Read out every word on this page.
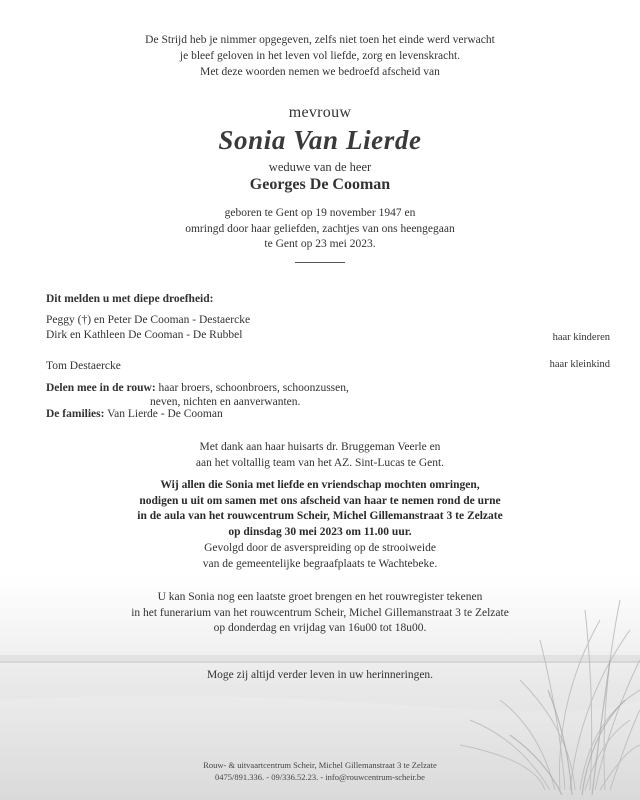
De Strijd heb je nimmer opgegeven, zelfs niet toen het einde werd verwacht
je bleef geloven in het leven vol liefde, zorg en levenskracht.
Met deze woorden nemen we bedroefd afscheid van
mevrouw
Sonia Van Lierde
weduwe van de heer
Georges De Cooman
geboren te Gent op 19 november 1947 en
omringd door haar geliefden, zachtjes van ons heengegaan
te Gent op 23 mei 2023.
Dit melden u met diepe droefheid:
Peggy (†) en Peter De Cooman - Destaercke
Dirk en Kathleen De Cooman - De Rubbel	haar kinderen
Tom Destaercke	haar kleinkind
Delen mee in de rouw: haar broers, schoonbroers, schoonzussen,
neven, nichten en aanverwanten.
De families: Van Lierde - De Cooman
Met dank aan haar huisarts dr. Bruggeman Veerle en
aan het voltallig team van het AZ. Sint-Lucas te Gent.
Wij allen die Sonia met liefde en vriendschap mochten omringen,
nodigen u uit om samen met ons afscheid van haar te nemen rond de urne
in de aula van het rouwcentrum Scheir, Michel Gillemanstraat 3 te Zelzate
op dinsdag 30 mei 2023 om 11.00 uur.
Gevolgd door de asverspreiding op de strooiweide
van de gemeentelijke begraafplaats te Wachtebeke.
U kan Sonia nog een laatste groet brengen en het rouwregister tekenen
in het funerarium van het rouwcentrum Scheir, Michel Gillemanstraat 3 te Zelzate
op donderdag en vrijdag van 16u00 tot 18u00.
Moge zij altijd verder leven in uw herinneringen.
Rouw- & uitvaartcentrum Scheir, Michel Gillemanstraat 3 te Zelzate
0475/891.336. - 09/336.52.23. - info@rouwcentrum-scheir.be
